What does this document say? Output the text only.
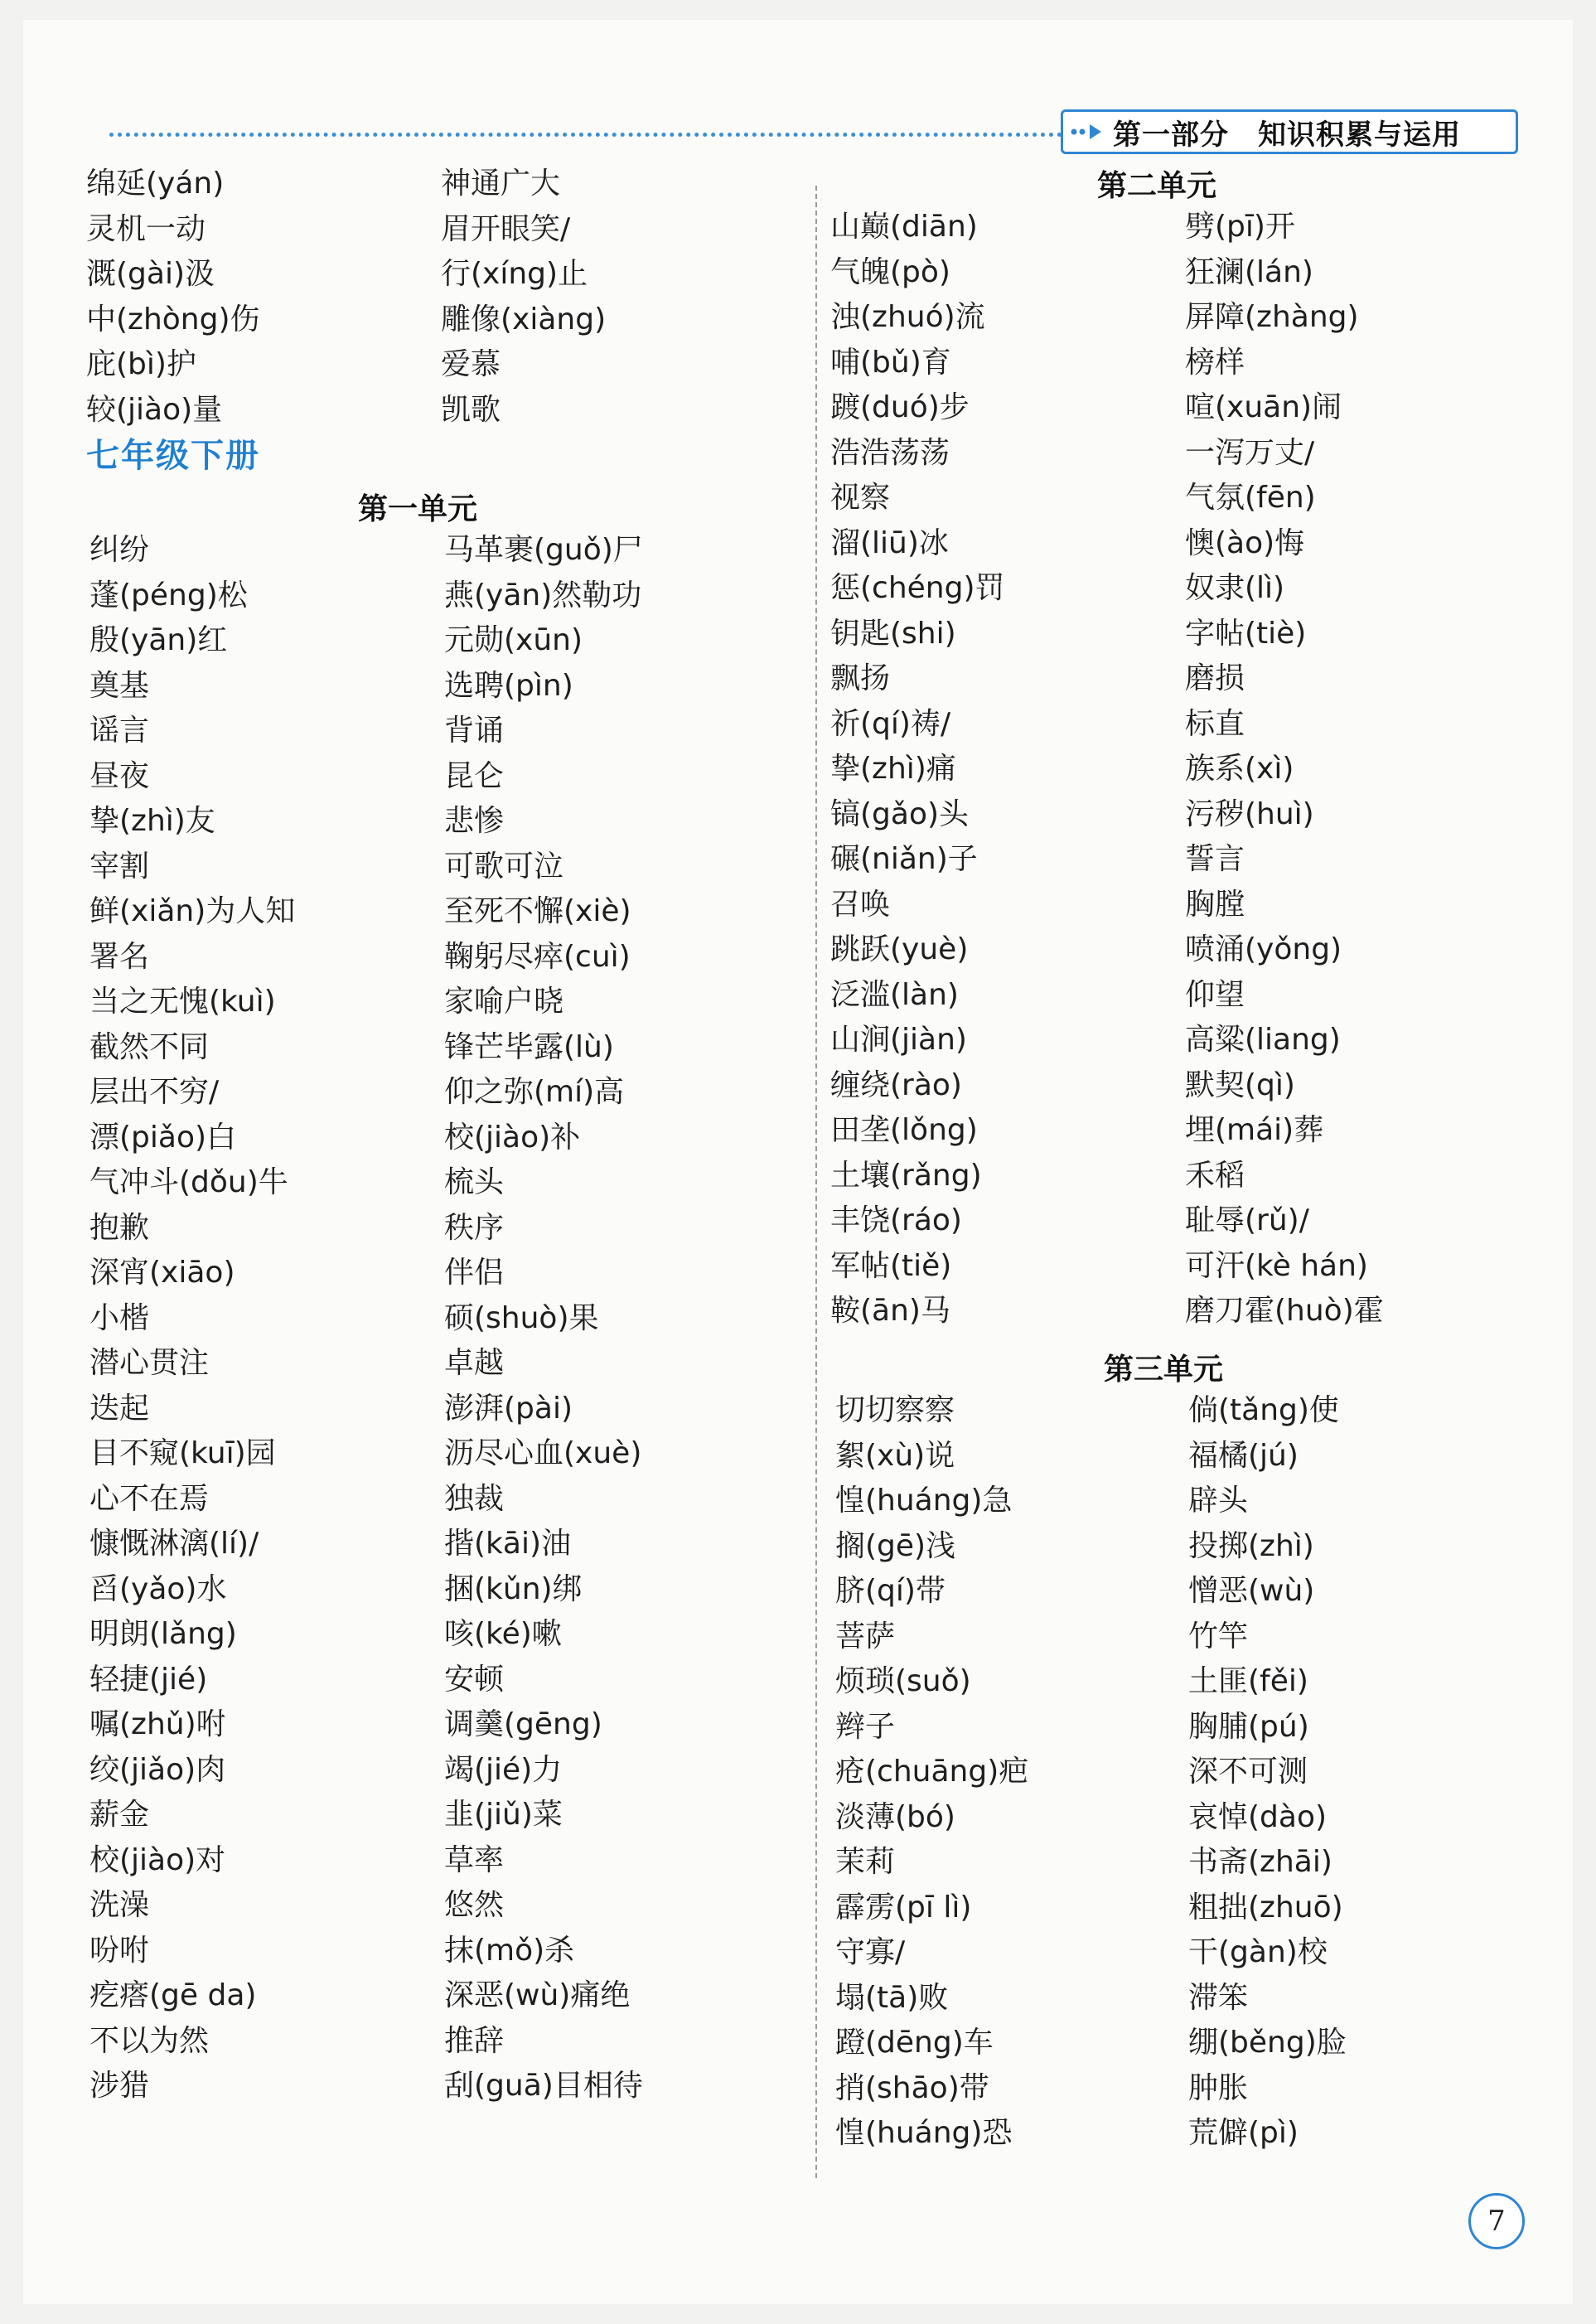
第一部分　知识积累与运用
绵延(yán)
灵机一动
溉(gài)汲
中(zhòng)伤
庇(bì)护
较(jiào)量
神通广大
眉开眼笑/
行(xíng)止
雕像(xiàng)
爱慕
凯歌
七年级下册
第一单元
纠纷
蓬(péng)松
殷(yān)红
奠基
谣言
昼夜
挚(zhì)友
宰割
鲜(xiǎn)为人知
署名
当之无愧(kuì)
截然不同
层出不穷/
漂(piǎo)白
气冲斗(dǒu)牛
抱歉
深宵(xiāo)
小楷
潜心贯注
迭起
目不窥(kuī)园
心不在焉
慷慨淋漓(lí)/
舀(yǎo)水
明朗(lǎng)
轻捷(jié)
嘱(zhǔ)咐
绞(jiǎo)肉
薪金
校(jiào)对
洗澡
吩咐
疙瘩(gē da)
不以为然
涉猎
马革裹(guǒ)尸
燕(yān)然勒功
元勋(xūn)
选聘(pìn)
背诵
昆仑
悲惨
可歌可泣
至死不懈(xiè)
鞠躬尽瘁(cuì)
家喻户晓
锋芒毕露(lù)
仰之弥(mí)高
校(jiào)补
梳头
秩序
伴侣
硕(shuò)果
卓越
澎湃(pài)
沥尽心血(xuè)
独裁
揩(kāi)油
捆(kǔn)绑
咳(ké)嗽
安顿
调羹(gēng)
竭(jié)力
韭(jiǔ)菜
草率
悠然
抹(mǒ)杀
深恶(wù)痛绝
推辞
刮(guā)目相待
第二单元
山巅(diān)
气魄(pò)
浊(zhuó)流
哺(bǔ)育
踱(duó)步
浩浩荡荡
视察
溜(liū)冰
惩(chéng)罚
钥匙(shi)
飘扬
祈(qí)祷/
挚(zhì)痛
镐(gǎo)头
碾(niǎn)子
召唤
跳跃(yuè)
泛滥(làn)
山涧(jiàn)
缠绕(rào)
田垄(lǒng)
土壤(rǎng)
丰饶(ráo)
军帖(tiě)
鞍(ān)马
劈(pī)开
狂澜(lán)
屏障(zhàng)
榜样
喧(xuān)闹
一泻万丈/
气氛(fēn)
懊(ào)悔
奴隶(lì)
字帖(tiè)
磨损
标直
族系(xì)
污秽(huì)
誓言
胸膛
喷涌(yǒng)
仰望
高粱(liang)
默契(qì)
埋(mái)葬
禾稻
耻辱(rǔ)/
可汗(kè hán)
磨刀霍(huò)霍
第三单元
切切察察
絮(xù)说
惶(huáng)急
搁(gē)浅
脐(qí)带
菩萨
烦琐(suǒ)
辫子
疮(chuāng)疤
淡薄(bó)
茉莉
霹雳(pī lì)
守寡/
塌(tā)败
蹬(dēng)车
捎(shāo)带
惶(huáng)恐
倘(tǎng)使
福橘(jú)
辟头
投掷(zhì)
憎恶(wù)
竹竿
土匪(fěi)
胸脯(pú)
深不可测
哀悼(dào)
书斋(zhāi)
粗拙(zhuō)
干(gàn)校
滞笨
绷(běng)脸
肿胀
荒僻(pì)
7
